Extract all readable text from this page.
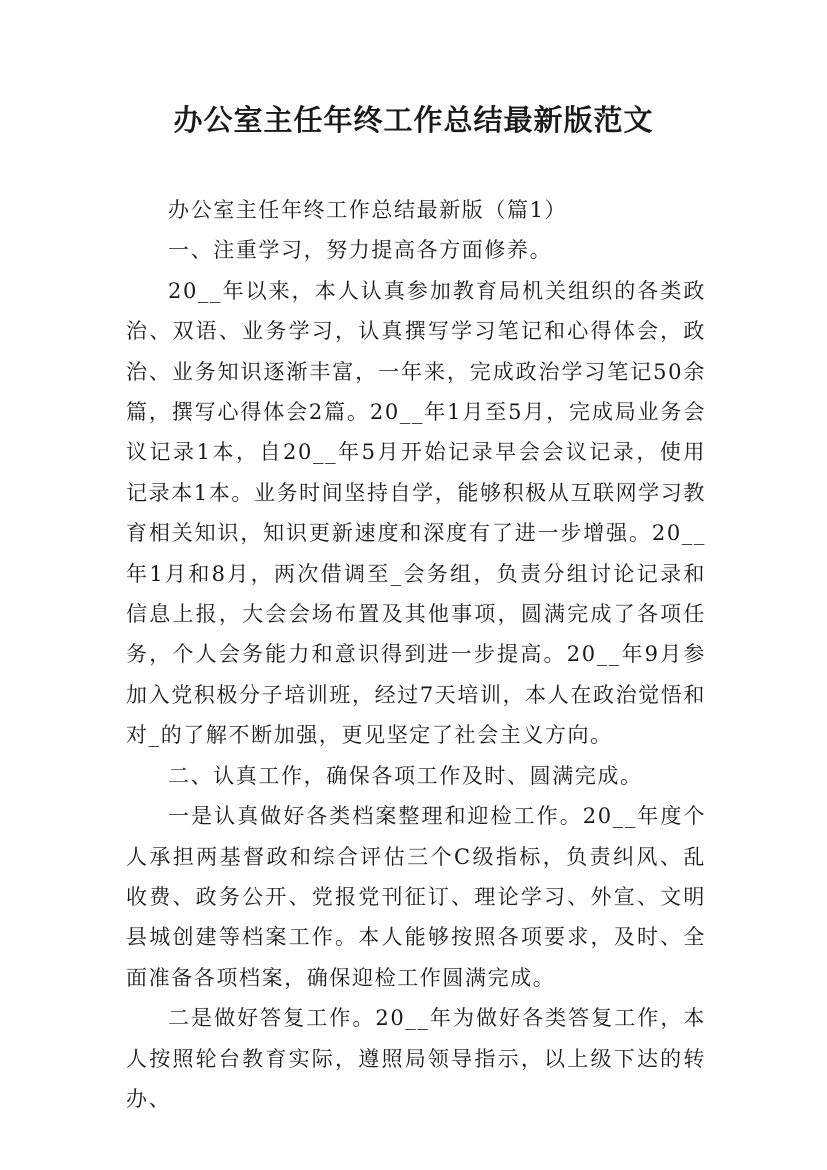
办公室主任年终工作总结最新版范文

办公室主任年终工作总结最新版（篇1）

一、注重学习，努力提高各方面修养。

20__年以来，本人认真参加教育局机关组织的各类政治、双语、业务学习，认真撰写学习笔记和心得体会，政治、业务知识逐渐丰富，一年来，完成政治学习笔记50余篇，撰写心得体会2篇。20__年1月至5月，完成局业务会议记录1本，自20__年5月开始记录早会会议记录，使用记录本1本。业务时间坚持自学，能够积极从互联网学习教育相关知识，知识更新速度和深度有了进一步增强。20__年1月和8月，两次借调至_会务组，负责分组讨论记录和信息上报，大会会场布置及其他事项，圆满完成了各项任务，个人会务能力和意识得到进一步提高。20__年9月参加入党积极分子培训班，经过7天培训，本人在政治觉悟和对_的了解不断加强，更见坚定了社会主义方向。

二、认真工作，确保各项工作及时、圆满完成。

一是认真做好各类档案整理和迎检工作。20__年度个人承担两基督政和综合评估三个C级指标，负责纠风、乱收费、政务公开、党报党刊征订、理论学习、外宣、文明县城创建等档案工作。本人能够按照各项要求，及时、全面准备各项档案，确保迎检工作圆满完成。

二是做好答复工作。20__年为做好各类答复工作，本人按照轮台教育实际，遵照局领导指示，以上级下达的转办、
